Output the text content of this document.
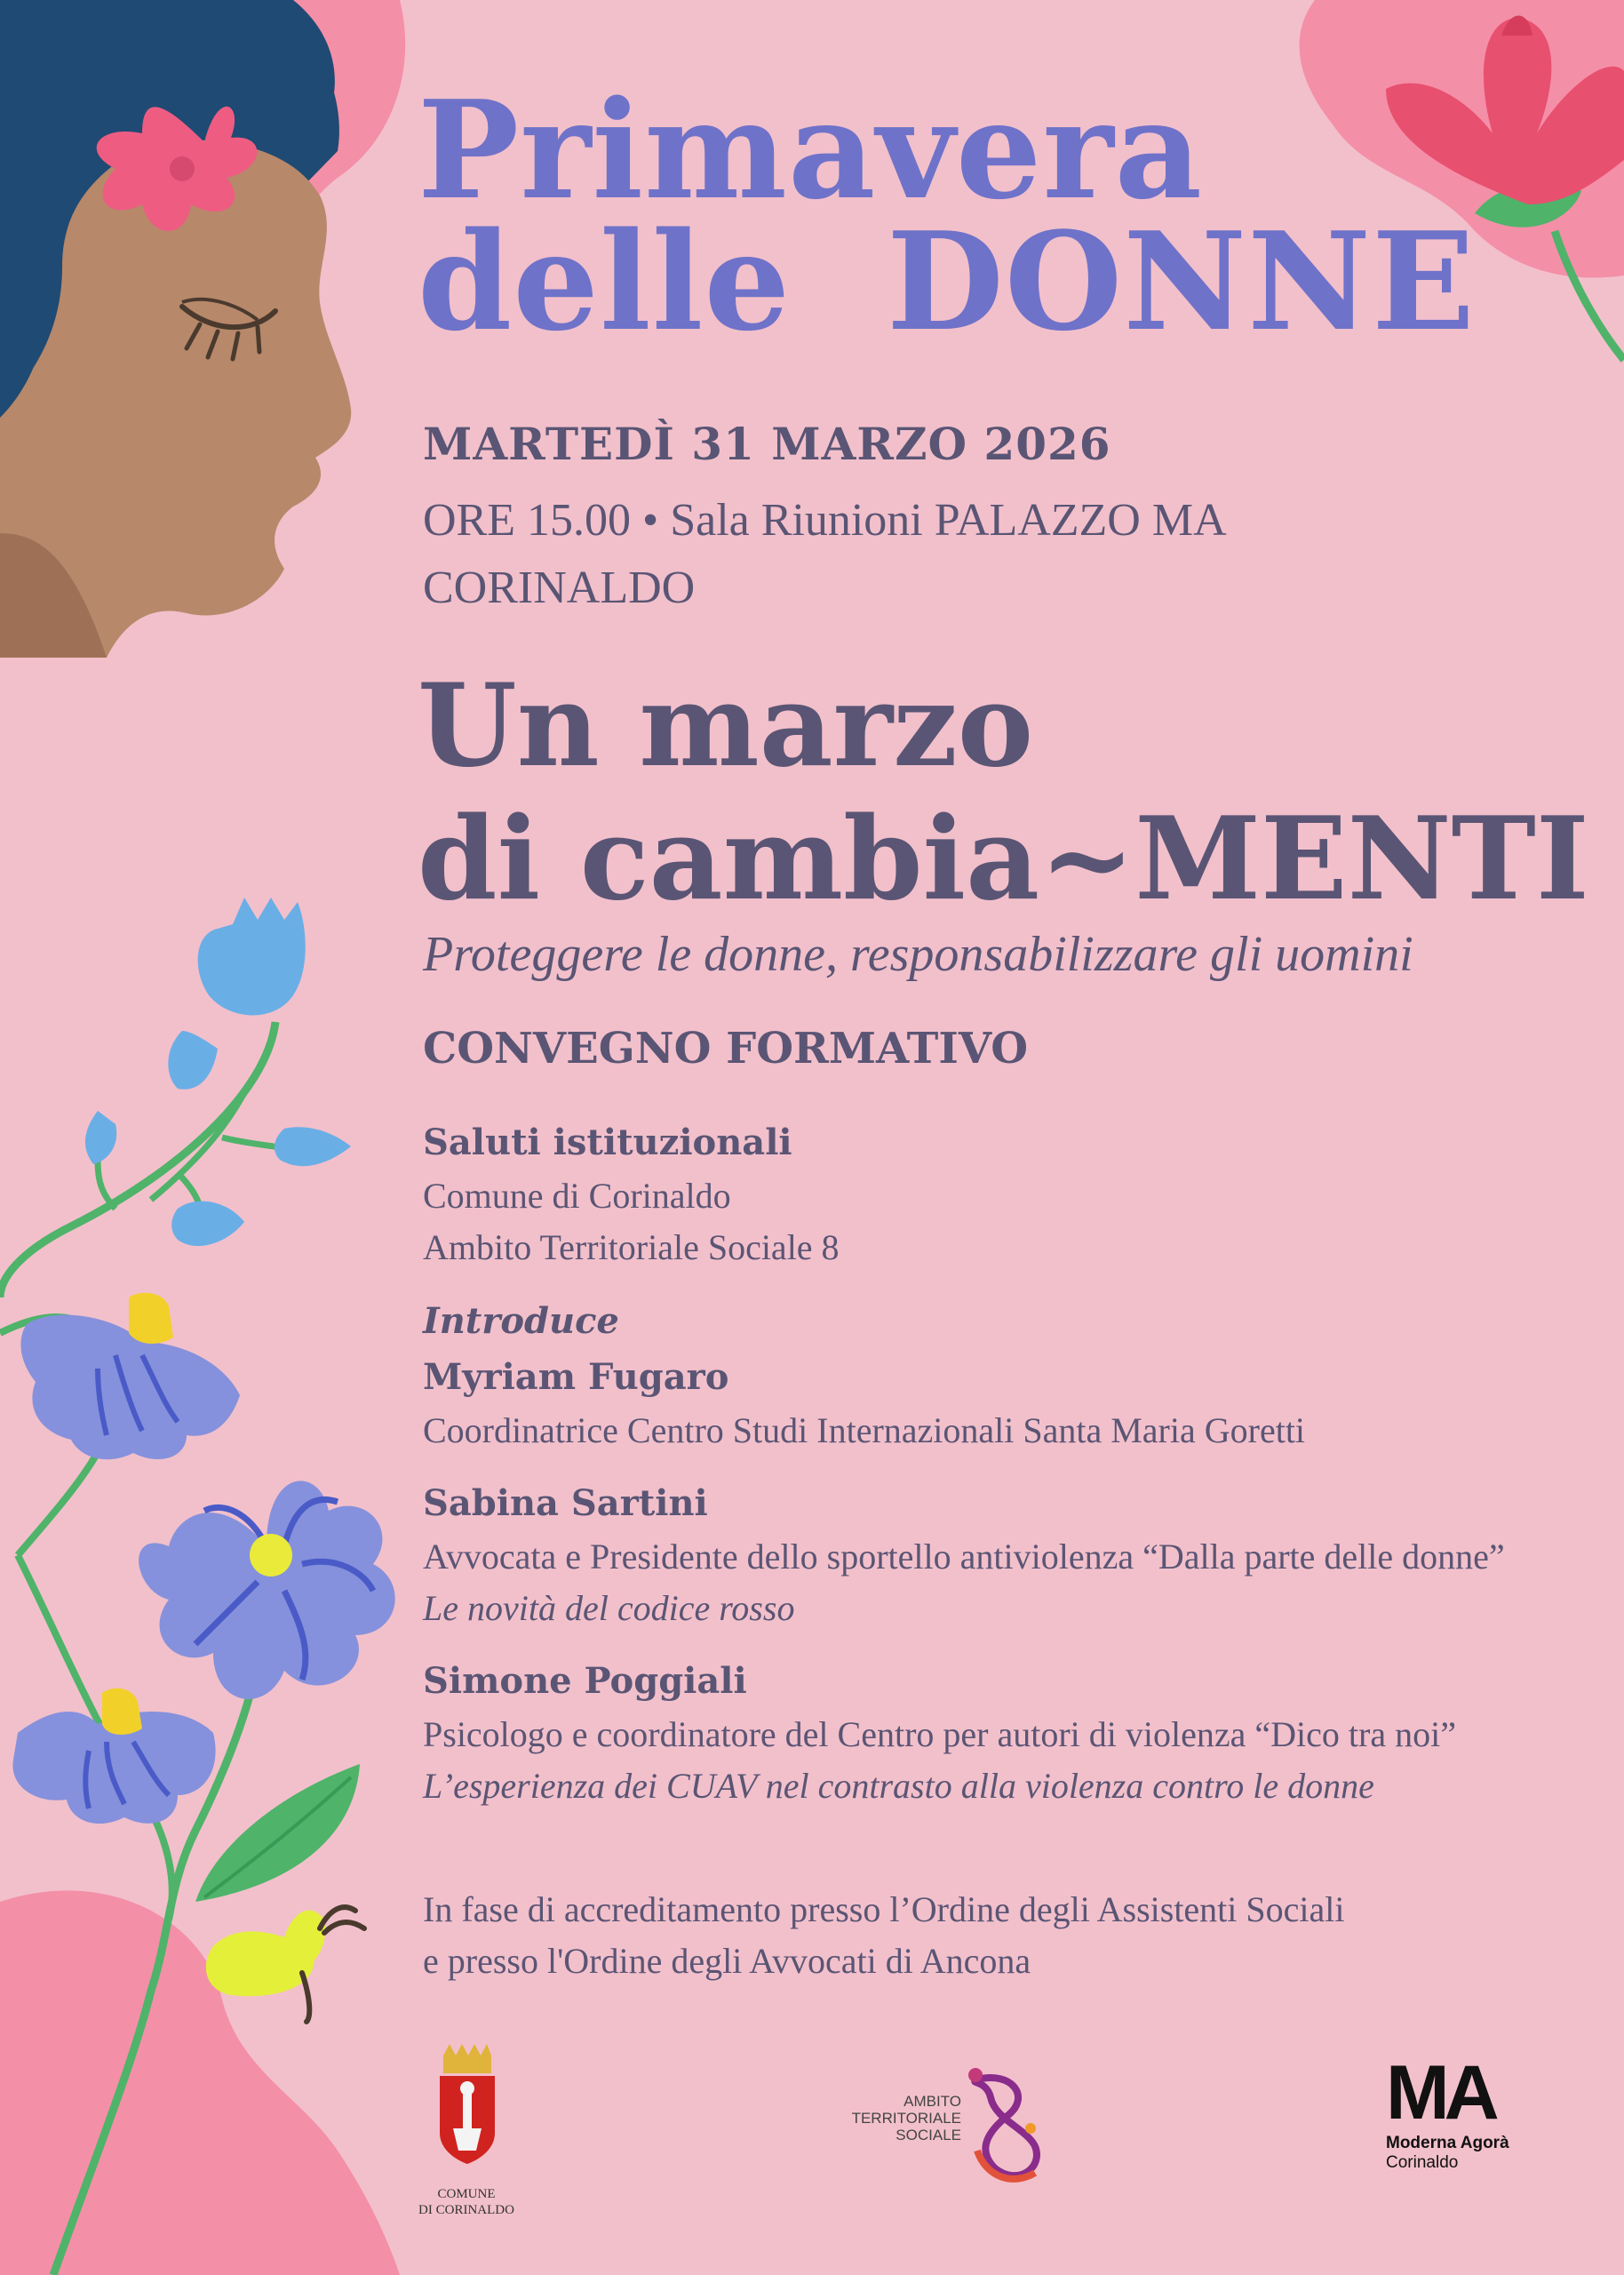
Primavera
delle  DONNE
MARTEDÌ 31 MARZO 2026
ORE 15.00 • Sala Riunioni PALAZZO MA
CORINALDO
Un marzo
di cambia~MENTI
Proteggere le donne, responsabilizzare gli uomini
CONVEGNO FORMATIVO
Saluti istituzionali
Comune di Corinaldo
Ambito Territoriale Sociale 8
Introduce
Myriam Fugaro
Coordinatrice Centro Studi Internazionali Santa Maria Goretti
Sabina Sartini
Avvocata e Presidente dello sportello antiviolenza “Dalla parte delle donne”
Le novità del codice rosso
Simone Poggiali
Psicologo e coordinatore del Centro per autori di violenza “Dico tra noi”
L’esperienza dei CUAV nel contrasto alla violenza contro le donne
In fase di accreditamento presso l’Ordine degli Assistenti Sociali
e presso l'Ordine degli Avvocati di Ancona
COMUNE
DI CORINALDO
AMBITO
TERRITORIALE
SOCIALE	MA
Moderna Agorà
Corinaldo
